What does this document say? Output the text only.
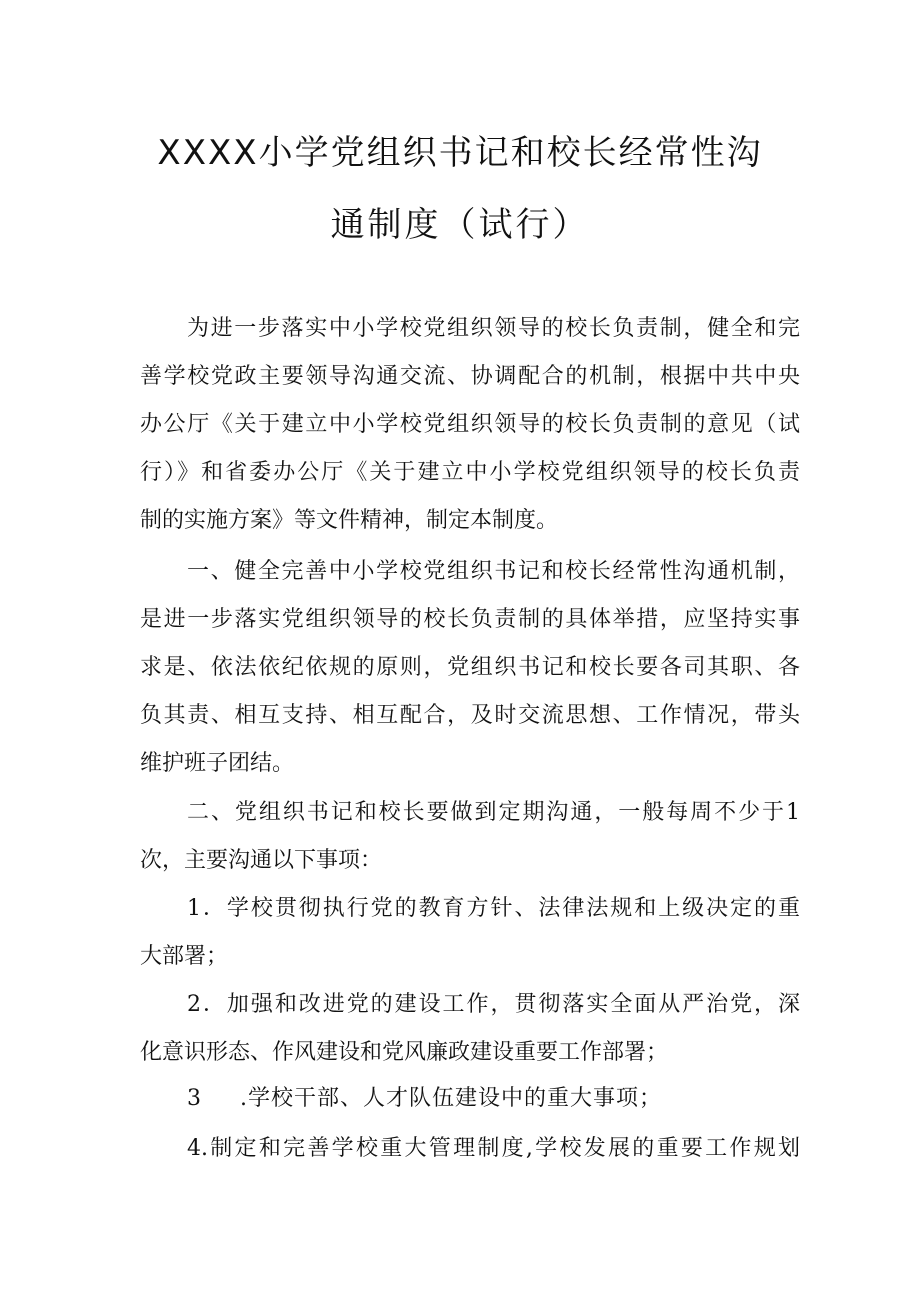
XXXX小学党组织书记和校长经常性沟
通制度（试行）
为进一步落实中小学校党组织领导的校长负责制，健全和完
善学校党政主要领导沟通交流、协调配合的机制，根据中共中央
办公厅《关于建立中小学校党组织领导的校长负责制的意见（试
行）》和省委办公厅《关于建立中小学校党组织领导的校长负责
制的实施方案》等文件精神，制定本制度。
一、健全完善中小学校党组织书记和校长经常性沟通机制，
是进一步落实党组织领导的校长负责制的具体举措，应坚持实事
求是、依法依纪依规的原则，党组织书记和校长要各司其职、各
负其责、相互支持、相互配合，及时交流思想、工作情况，带头
维护班子团结。
二、党组织书记和校长要做到定期沟通，一般每周不少于1
次，主要沟通以下事项：
1．学校贯彻执行党的教育方针、法律法规和上级决定的重
大部署；
2．加强和改进党的建设工作，贯彻落实全面从严治党，深
化意识形态、作风建设和党风廉政建设重要工作部署；
3 .学校干部、人才队伍建设中的重大事项；
4.制定和完善学校重大管理制度,学校发展的重要工作规划
